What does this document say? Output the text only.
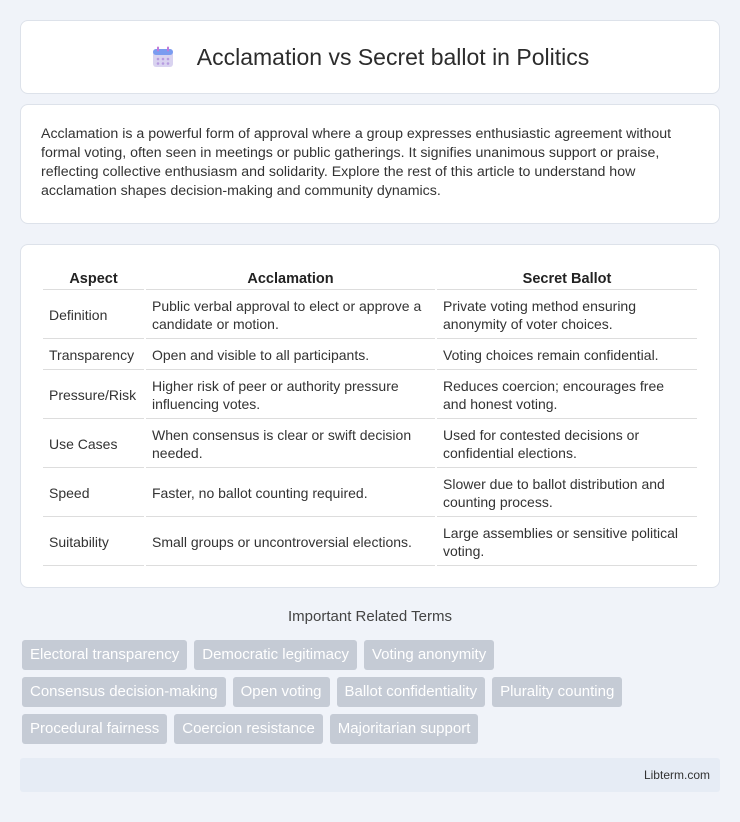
Acclamation vs Secret ballot in Politics

Acclamation is a powerful form of approval where a group expresses enthusiastic agreement without formal voting, often seen in meetings or public gatherings. It signifies unanimous support or praise, reflecting collective enthusiasm and solidarity. Explore the rest of this article to understand how acclamation shapes decision-making and community dynamics.

Aspect	Acclamation	Secret Ballot
Definition	Public verbal approval to elect or approve a candidate or motion.	Private voting method ensuring anonymity of voter choices.
Transparency	Open and visible to all participants.	Voting choices remain confidential.
Pressure/Risk	Higher risk of peer or authority pressure influencing votes.	Reduces coercion; encourages free and honest voting.
Use Cases	When consensus is clear or swift decision needed.	Used for contested decisions or confidential elections.
Speed	Faster, no ballot counting required.	Slower due to ballot distribution and counting process.
Suitability	Small groups or uncontroversial elections.	Large assemblies or sensitive political voting.
Important Related Terms
Electoral transparency	Democratic legitimacy	Voting anonymity
Consensus decision-making	Open voting	Ballot confidentiality	Plurality counting
Procedural fairness	Coercion resistance	Majoritarian support
Libterm.com
